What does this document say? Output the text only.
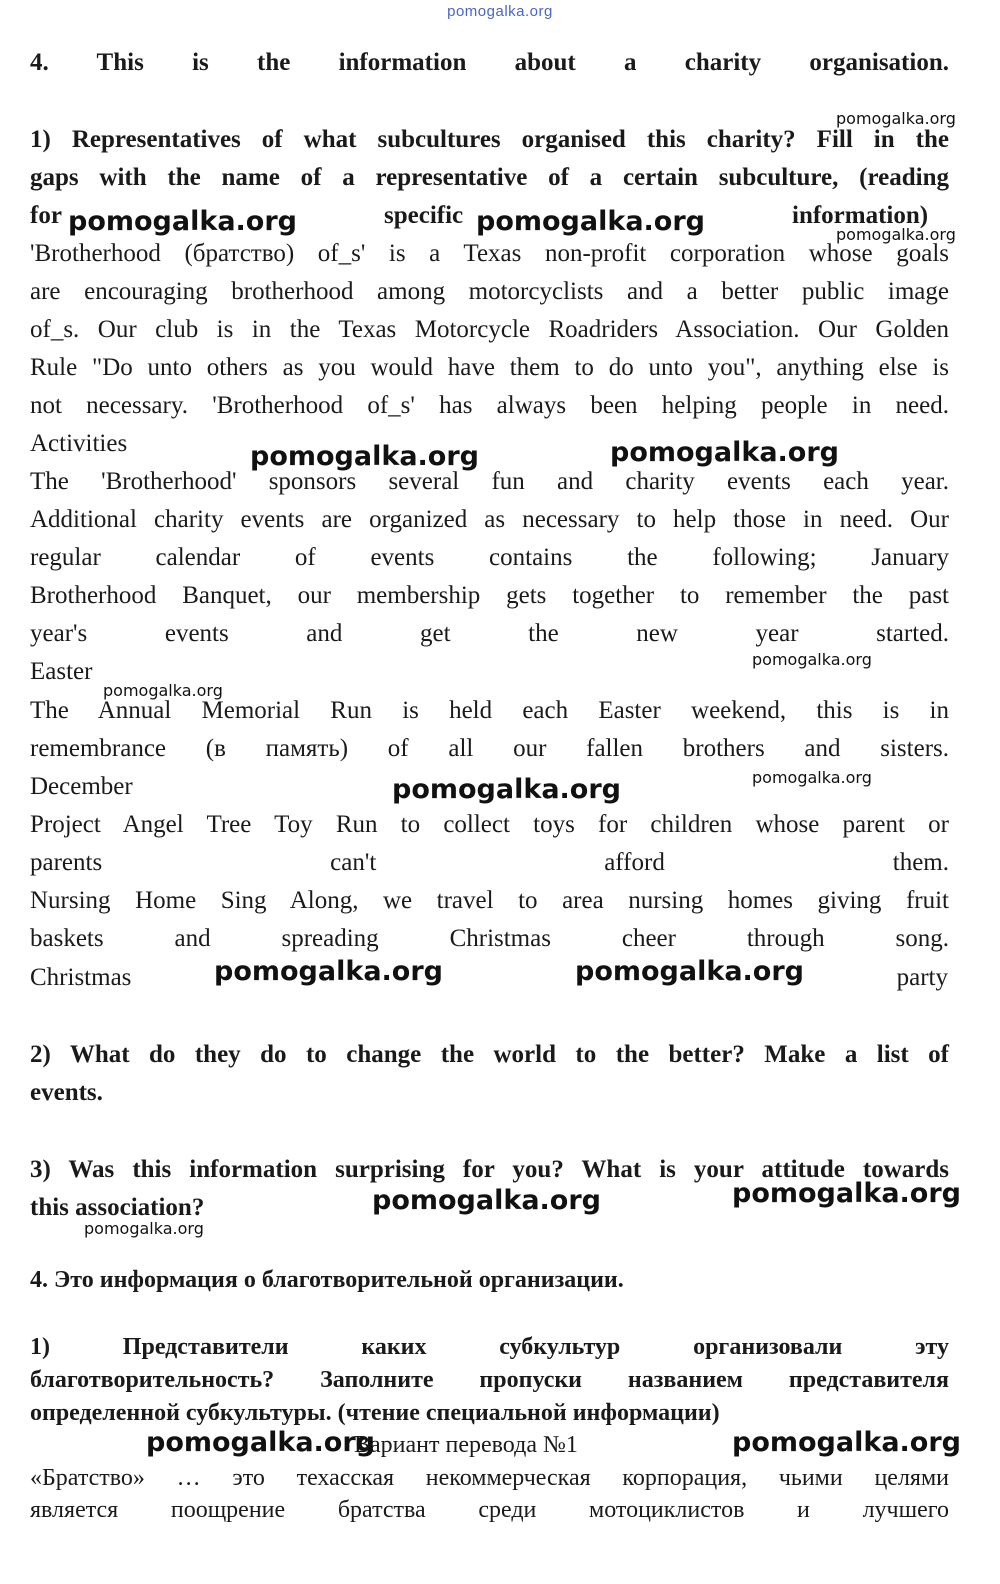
pomogalka.org

4. This is the information about a charity organisation.

1) Representatives of what subcultures organised this charity? Fill in the

gaps with the name of a representative of a certain subculture, (reading

for	specific	information)

'Brotherhood (братство) of_s' is a Texas non-profit corporation whose goals

are encouraging brotherhood among motorcyclists and a better public image

of_s. Our club is in the Texas Motorcycle Roadriders Association. Our Golden

Rule "Do unto others as you would have them to do unto you", anything else is

not necessary. 'Brotherhood of_s' has always been helping people in need.

Activities

The 'Brotherhood' sponsors several fun and charity events each year.

Additional charity events are organized as necessary to help those in need. Our

regular calendar of events contains the following; January

Brotherhood Banquet, our membership gets together to remember the past

year's events and get the new year started.

Easter

The Annual Memorial Run is held each Easter weekend, this is in

remembrance (в память) of all our fallen brothers and sisters.

December

Project Angel Tree Toy Run to collect toys for children whose parent or

parents can't afford them.

Nursing Home Sing Along, we travel to area nursing homes giving fruit

baskets and spreading Christmas cheer through song.

Christmas	party

2) What do they do to change the world to the better? Make a list of

events.

3) Was this information surprising for you? What is your attitude towards

this association?

4. Это информация о благотворительной организации.

1) Представители каких субкультур организовали эту

благотворительность? Заполните пропуски названием представителя

определенной субкультуры. (чтение специальной информации)

Вариант перевода №1

«Братство» … это техасская некоммерческая корпорация, чьими целями

является поощрение братства среди мотоциклистов и лучшего

pomogalka.org
pomogalka.org	pomogalka.org	pomogalka.org
pomogalka.org	pomogalka.org
pomogalka.org
pomogalka.org
pomogalka.org
pomogalka.org
pomogalka.org	pomogalka.org
pomogalka.org
pomogalka.org
pomogalka.org
pomogalka.org	pomogalka.org
